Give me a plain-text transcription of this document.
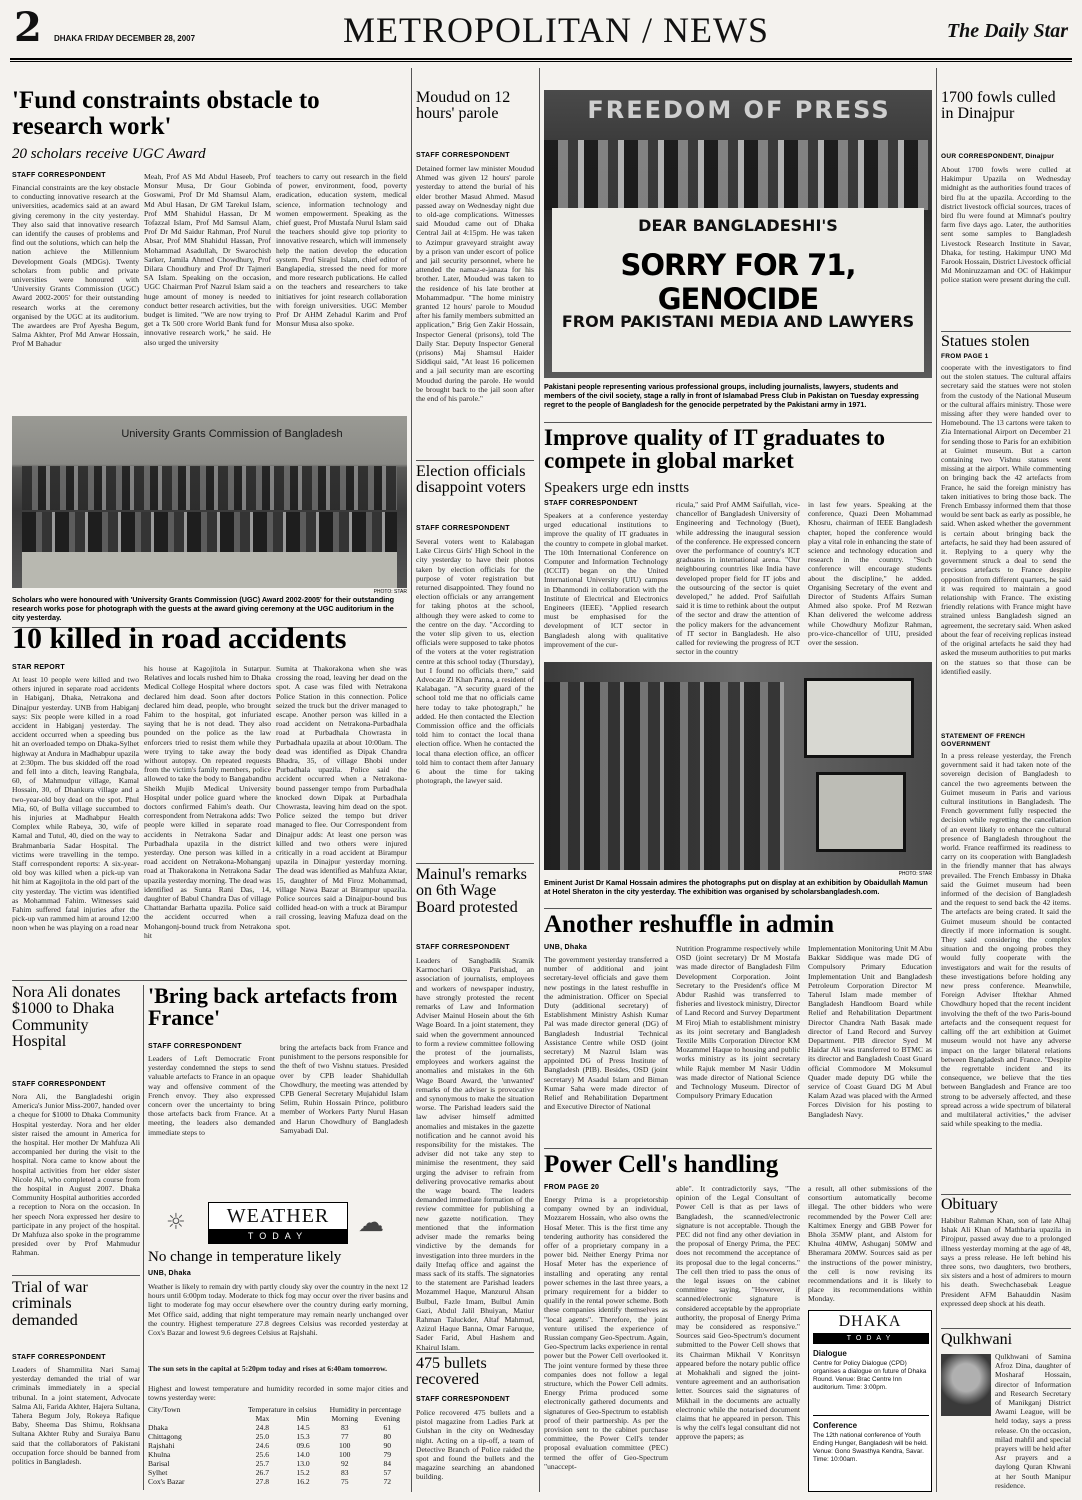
2 DHAKA FRIDAY DECEMBER 28, 2007	METROPOLITAN / NEWS	The Daily Star
'Fund constraints obstacle to research work'
20 scholars receive UGC Award
STAFF CORRESPONDENT
Financial constraints are the key obstacle to conducting innovative research at the universities, academics said at an award giving ceremony in the city yesterday. They also said that innovative research can identify the causes of problems and find out the solutions, which can help the nation achieve the Millennium Development Goals (MDGs). Twenty scholars from public and private universities were honoured with 'University Grants Commission (UGC) Award 2002-2005' for their outstanding research works at the ceremony organised by the UGC at its auditorium. The awardees are Prof Ayesha Begum, Salma Akhter, Prof Md Anwar Hossain, Prof M Bahadur
Meah, Prof AS Md Abdul Haseeb, Prof Monsur Musa, Dr Gour Gobinda Goswami, Prof Dr Md Shamsul Alam, Md Abul Hasan, Dr GM Tarekul Islam, Prof MM Shahidul Hassan, Dr M Tofazzal Islam, Prof Md Samsul Alam, Prof Dr Md Saidur Rahman, Prof Nurul Absar, Prof MM Shahidul Hassan, Prof Mohammad Asadullah, Dr Swarochish Sarker, Jamila Ahmed Chowdhury, Prof Dilara Choudhury and Prof Dr Tajmeri SA Islam. Speaking on the occasion, UGC Chairman Prof Nazrul Islam said a huge amount of money is needed to conduct better research activities, but the budget is limited. "We are now trying to get a Tk 500 crore World Bank fund for innovative research work," he said. He also urged the university
teachers to carry out research in the field of power, environment, food, poverty eradication, education system, medical science, information technology and women empowerment. Speaking as the chief guest, Prof Mustafa Nurul Islam said the teachers should give top priority to innovative research, which will immensely help the nation develop the education system. Prof Sirajul Islam, chief editor of Banglapedia, stressed the need for more and more research publications. He called on the teachers and researchers to take initiatives for joint research collaboration with foreign universities. UGC Member Prof Dr AHM Zehadul Karim and Prof Monsur Musa also spoke.
University Grants Commission of Bangladesh
PHOTO: STAR
Scholars who were honoured with 'University Grants Commission (UGC) Award 2002-2005' for their outstanding research works pose for photograph with the guests at the award giving ceremony at the UGC auditorium in the city yesterday.
10 killed in road accidents
STAR REPORT
At least 10 people were killed and two others injured in separate road accidents in Habiganj, Dhaka, Netrakona and Dinajpur yesterday. UNB from Habiganj says: Six people were killed in a road accident in Habiganj yesterday. The accident occurred when a speeding bus hit an overloaded tempo on Dhaka-Sylhet highway at Andura in Madhabpur upazila at 2:30pm. The bus skidded off the road and fell into a ditch, leaving Rangbala, 60, of Mahmudpur village, Kamal Hossain, 30, of Dhankura village and a two-year-old boy dead on the spot. Phul Mia, 60, of Bulla village succumbed to his injuries at Madhabpur Health Complex while Rabeya, 30, wife of Kamal and Tutul, 40, died on the way to Brahmanbaria Sadar Hospital. The victims were travelling in the tempo. Staff correspondent reports: A six-year-old boy was killed when a pick-up van hit him at Kagojitola in the old part of the city yesterday. The victim was identified as Mohammad Fahim. Witnesses said Fahim suffered fatal injuries after the pick-up van rammed him at around 12:00 noon when he was playing on a road near
his house at Kagojitola in Sutarpur. Relatives and locals rushed him to Dhaka Medical College Hospital where doctors declared him dead. Soon after doctors declared him dead, people, who brought Fahim to the hospital, got infuriated saying that he is not dead. They also pounded on the police as the law enforcers tried to resist them while they were trying to take away the body without autopsy. On repeated requests from the victim's family members, police allowed to take the body to Bangabandhu Sheikh Mujib Medical University Hospital under police guard where the doctors confirmed Fahim's death. Our correspondent from Netrakona adds: Two people were killed in separate road accidents in Netrakona Sadar and Purbadhala upazila in the district yesterday. One person was killed in a road accident on Netrakona-Mohanganj road at Thakorakona in Netrakona Sadar upazila yesterday morning. The dead was identified as Sunta Rani Das, 14, daughter of Babul Chandra Das of village Chattandar Barhatta upazila. Police said the accident occurred when a Mohangonj-bound truck from Netrakona hit
Sumita at Thakorakona when she was crossing the road, leaving her dead on the spot. A case was filed with Netrakona Police Station in this connection. Police seized the truck but the driver managed to escape. Another person was killed in a road accident on Netrakona-Purbadhala road at Purbadhala Chowrasta in Purbadhala upazila at about 10:00am. The dead was identified as Dipak Chandra Bhadra, 35, of village Bhobi under Purbadhala upazila. Police said the accident occurred when a Netrakona-bound passenger tempo from Purbadhala knocked down Dipak at Purbadhala Chowrasta, leaving him dead on the spot. Police seized the tempo but driver managed to flee. Our Correspondent from Dinajpur adds: At least one person was killed and two others were injured critically in a road accident at Birampur upazila in Dinajpur yesterday morning. The dead was identified as Mahfuza Aktar, 15, daughter of Md Firoz Mohammad, village Nawa Bazar at Birampur upazila. Police sources said a Dinajpur-bound bus collided head-on with a truck at Birampur rail crossing, leaving Mafuza dead on the spot.
Nora Ali donates $1000 to Dhaka Community Hospital
STAFF CORRESPONDENT
Nora Ali, the Bangladeshi origin America's Junior Miss-2007, handed over a cheque for $1000 to Dhaka Community Hospital yesterday. Nora and her elder sister raised the amount in America for the hospital. Her mother Dr Mahfuza Ali accompanied her during the visit to the hospital. Nora came to know about the hospital activities from her elder sister Nicole Ali, who completed a course from the hospital in August 2007. Dhaka Community Hospital authorities accorded a reception to Nora on the occasion. In her speech Nora expressed her desire to participate in any project of the hospital. Dr Mahfuza also spoke in the programme presided over by Prof Mahmudur Rahman.
Trial of war criminals demanded
STAFF CORRESPONDENT
Leaders of Shammilita Nari Samaj yesterday demanded the trial of war criminals immediately in a special tribunal. In a joint statement, Advocate Salma Ali, Farida Akhter, Hajera Sultana, Tahera Begum Joly, Rokeya Rafique Baby, Sheema Das Shimu, Rokhsana Sultana Akhter Ruby and Suraiya Banu said that the collaborators of Pakistani occupation force should be banned from politics in Bangladesh.
'Bring back artefacts from France'
STAFF CORRESPONDENT
Leaders of Left Democratic Front yesterday condemned the steps to send valuable artefacts to France in an opaque way and offensive comment of the French envoy. They also expressed concern over the uncertainty to bring those artefacts back from France. At a meeting, the leaders also demanded immediate steps to
bring the artefacts back from France and punishment to the persons responsible for the theft of two Vishnu statues. Presided over by CPB leader Shahidullah Chowdhury, the meeting was attended by CPB General Secretary Mujahidul Islam Selim, Ruhin Hossain Prince, politburo member of Workers Party Nurul Hasan and Harun Chowdhury of Bangladesh Samyabadi Dal.
WEATHER
TODAY	☁
☼
No change in temperature likely
UNB, Dhaka
Weather is likely to remain dry with partly cloudy sky over the country in the next 12 hours until 6:00pm today. Moderate to thick fog may occur over the river basins and light to moderate fog may occur elsewhere over the country during early morning, Met Office said, adding that night temperature may remain nearly unchanged over the country. Highest temperature 27.8 degrees Celsius was recorded yesterday at Cox's Bazar and lowest 9.6 degrees Celsius at Rajshahi.
The sun sets in the capital at 5:20pm today and rises at 6:40am tomorrow.
Highest and lowest temperature and humidity recorded in some major cities and towns yesterday were:
City/Town	Temperature in celsius		Humidity in percentage	
	Max	Min	Morning	Evening
Dhaka	24.8	14.5	83	61
Chittagong	25.0	15.3	77	80
Rajshahi	24.6	09.6	100	90
Khulna	25.6	14.0	100	79
Barisal	25.7	13.0	92	84
Sylhet	26.7	15.2	83	57
Cox's Bazar	27.8	16.2	75	72
Moudud on 12 hours' parole
STAFF CORRESPONDENT
Detained former law minister Moudud Ahmed was given 12 hours' parole yesterday to attend the burial of his elder brother Masud Ahmed. Masud passed away on Wednesday night due to old-age complications. Witnesses said Moudud came out of Dhaka Central Jail at 4:15pm. He was taken to Azimpur graveyard straight away by a prison van under escort of police and jail security personnel, where he attended the namaz-e-janaza for his brother. Later, Moudud was taken to the residence of his late brother at Mohammadpur. "The home ministry granted 12 hours' parole to Moudud after his family members submitted an application," Brig Gen Zakir Hossain, Inspector General (prisons), told The Daily Star. Deputy Inspector General (prisons) Maj Shamsul Haider Siddiqui said, "At least 16 policemen and a jail security man are escorting Moudud during the parole. He would be brought back to the jail soon after the end of his parole."
Election officials disappoint voters
STAFF CORRESPONDENT
Several voters went to Kalabagan Lake Circus Girls' High School in the city yesterday to have their photos taken by election officials for the purpose of voter registration but returned disappointed. They found no election officials or any arrangement for taking photos at the school, although they were asked to come to the centre on the day. "According to the voter slip given to us, election officials were supposed to take photos of the voters at the voter registration centre at this school today (Thursday), but I found no officials there," said Advocate Zl Khan Panna, a resident of Kalabagan. "A security guard of the school told me that no officials came here today to take photograph," he added. He then contacted the Election Commission office and the officials told him to contact the local thana election office. When he contacted the local thana election office, an officer told him to contact them after January 6 about the time for taking photograph, the lawyer said.
Mainul's remarks on 6th Wage Board protested
STAFF CORRESPONDENT
Leaders of Sangbadik Sramik Karmochari Oikya Parishad, an association of journalists, employees and workers of newspaper industry, have strongly protested the recent remarks of Law and Information Adviser Mainul Hosein about the 6th Wage Board. In a joint statement, they said when the government announced to form a review committee following the protest of the journalists, employees and workers against the anomalies and mistakes in the 6th Wage Board Award, the 'unwanted' remarks of the adviser is provocative and synonymous to make the situation worse. The Parishad leaders said the law adviser himself admitted anomalies and mistakes in the gazette notification and he cannot avoid his responsibility for the mistakes. The adviser did not take any step to minimise the resentment, they said urging the adviser to refrain from delivering provocative remarks about the wage board. The leaders demanded immediate formation of the review committee for publishing a new gazette notification. They mentioned that the information adviser made the remarks being vindictive by the demands for investigation into three murders in the daily Ittefaq office and against the mass sack of its staffs. The signatories to the statement are Parishad leaders Mozammel Haque, Manzurul Ahsan Bulbul, Fazle Imam, Bulbul Amin Gazi, Abdul Jalil Bhuiyan, Matiur Rahman Taluckder, Altaf Mahmud, Azizul Haque Banna, Omar Faruque, Sader Farid, Abul Hashem and Khairul Islam.
475 bullets recovered
STAFF CORRESPONDENT
Police recovered 475 bullets and a pistol magazine from Ladies Park at Gulshan in the city on Wednesday night. Acting on a tip-off, a team of Detective Branch of Police raided the spot and found the bullets and the magazine searching an abandoned building.
FREEDOM OF PRESS
DEAR BANGLADESHI'S
SORRY FOR 71, GENOCIDE
FROM PAKISTANI MEDIA AND LAWYERS
Pakistani people representing various professional groups, including journalists, lawyers, students and members of the civil society, stage a rally in front of Islamabad Press Club in Pakistan on Tuesday expressing regret to the people of Bangladesh for the genocide perpetrated by the Pakistani army in 1971.
Improve quality of IT graduates to compete in global market
Speakers urge edn instts
STAFF CORRESPONDENT
Speakers at a conference yesterday urged educational institutions to improve the quality of IT graduates in the country to compete in global market. The 10th International Conference on Computer and Information Technology (ICCIT) began on the United International University (UIU) campus in Dhanmondi in collaboration with the Institute of Electrical and Electronics Engineers (IEEE). "Applied research must be emphasised for the development of ICT sector in Bangladesh along with qualitative improvement of the cur-
ricula," said Prof AMM Saifullah, vice-chancellor of Bangladesh University of Engineering and Technology (Buet), while addressing the inaugural session of the conference. He expressed concern over the performance of country's ICT graduates in international arena. "Our neighbouring countries like India have developed proper field for IT jobs and the outsourcing of the sector is quiet developed," he added. Prof Saifullah said it is time to rethink about the output of the sector and draw the attention of the policy makers for the advancement of IT sector in Bangladesh. He also called for reviewing the progress of ICT sector in the country
in last few years. Speaking at the conference, Quazi Deen Mohammad Khosru, chairman of IEEE Bangladesh chapter, hoped the conference would play a vital role in enhancing the state of science and technology education and research in the country. "Such conference will encourage students about the discipline," he added. Organising Secretary of the event and Director of Students Affairs Suman Ahmed also spoke. Prof M Rezwan Khan delivered the welcome address while Chowdhury Mofizur Rahman, pro-vice-chancellor of UIU, presided over the session.
PHOTO: STAR
Eminent Jurist Dr Kamal Hossain admires the photographs put on display at an exhibition by Obaidullah Mamun at Hotel Sheraton in the city yesterday. The exhibition was organised by scholarsbangladesh.com.
Another reshuffle in admin
UNB, Dhaka
The government yesterday transferred a number of additional and joint secretary-level officials and gave them new postings in the latest reshuffle in the administration. Officer on Special Duty (additional secretary) of Establishment Ministry Ashish Kumar Pal was made director general (DG) of Bangladesh Industrial Technical Assistance Centre while OSD (joint secretary) M Nazrul Islam was appointed DG of Press Institute of Bangladesh (PIB). Besides, OSD (joint secretary) M Asadul Islam and Biman Kumar Saha were made director of Relief and Rehabilitation Department and Executive Director of National
Nutrition Programme respectively while OSD (joint secretary) Dr M Mostafa was made director of Bangladesh Film Development Corporation. Joint Secretary to the President's office M Abdur Rashid was transferred to fisheries and livestock ministry, Director of Land Record and Survey Department M Firoj Miah to establishment ministry as its joint secretary and Bangladesh Textile Mills Corporation Director KM Mozammel Haque to housing and public works ministry as its joint secretary while Rajuk member M Nasir Uddin was made director of National Science and Technology Museum. Director of Compulsory Primary Education
Implementation Monitoring Unit M Abu Bakkar Siddique was made DG of Compulsory Primary Education Implementation Unit and Bangladesh Petroleum Corporation Director M Taherul Islam made member of Bangladesh Handloom Board while Relief and Rehabilitation Department Director Chandra Nath Basak made director of Land Record and Survey Department. PIB director Syed M Haidar Ali was transferred to BTMC as its director and Bangladesh Coast Guard official Commodore M Moksumul Quader made deputy DG while the service of Coast Guard DG M Abul Kalam Azad was placed with the Armed Forces Division for his posting to Bangladesh Navy.
Power Cell's handling
FROM PAGE 20
Energy Prima is a proprietorship company owned by an individual, Mozzarem Hossain, who also owns the Hosaf Meter. This is the first time any tendering authority has considered the offer of a proprietary company in a power bid. Neither Energy Prima nor Hosaf Meter has the experience of installing and operating any rental power schemes in the last three years, a primary requirement for a bidder to qualify in the rental power scheme. Both these companies identify themselves as "local agents". Therefore, the joint venture utilised the experience of Russian company Geo-Spectrum. Again, Geo-Spectrum lacks experience in rental power but the Power Cell overlooked it. The joint venture formed by these three companies does not follow a legal structure, which the Power Cell admits. Energy Prima produced some electronically gathered documents and signatures of Geo-Spectrum to establish proof of their partnership. As per the provision sent to the cabinet purchase committee, the Power Cell's tender proposal evaluation committee (PEC) termed the offer of Geo-Spectrum "unaccept-
able". It contradictorily says, "The opinion of the Legal Consultant of Power Cell is that as per laws of Bangladesh, the scanned/electronic signature is not acceptable. Though the PEC did not find any other deviation in the proposal of Energy Prima, the PEC does not recommend the acceptance of its proposal due to the legal concerns." The cell then tried to pass the onus of the legal issues on the cabinet committee saying, "However, if scanned/electronic signature is considered acceptable by the appropriate authority, the proposal of Energy Prima may be considered as responsive." Sources said Geo-Spectrum's document submitted to the Power Cell shows that its Chairman Mikhail V Konritsyn appeared before the notary public office at Mohakhali and signed the joint-venture agreement and an authorisation letter. Sources said the signatures of Mikhail in the documents are actually electronic while the notarised document claims that he appeared in person. This is why the cell's legal consultant did not approve the papers; as
a result, all other submissions of the consortium automatically become illegal. The other bidders who were recommended by the Power Cell are: Kaltimex Energy and GBB Power for Bhola 35MW plant, and Alstom for Khulna 40MW, Ashuganj 50MW and Bheramara 20MW. Sources said as per the instructions of the power ministry, the cell is now revising its recommendations and it is likely to place its recommendations within Monday.
DHAKA
TODAY
Dialogue
Centre for Policy Dialogue (CPD) organises a dialogue on future of Dhaka Round. Venue: Brac Centre Inn auditorium. Time: 3:00pm.
Conference
The 12th national conference of Youth Ending Hunger, Bangladesh will be held. Venue: Gono Swasthya Kendra, Savar. Time: 10:00am.
1700 fowls culled in Dinajpur
OUR CORRESPONDENT, Dinajpur
About 1700 fowls were culled at Hakimpur Upazila on Wednesday midnight as the authorities found traces of bird flu at the upazila. According to the district livestock official sources, traces of bird flu were found at Mimnat's poultry farm five days ago. Later, the authorities sent some samples to Bangladesh Livestock Research Institute in Savar, Dhaka, for testing. Hakimpur UNO Md Farook Hossain, District Livestock official Md Moniruzzaman and OC of Hakimpur police station were present during the cull.
Statues stolen
FROM PAGE 1
cooperate with the investigators to find out the stolen statues. The cultural affairs secretary said the statues were not stolen from the custody of the National Museum or the cultural affairs ministry. Those were missing after they were handed over to Homebound. The 13 cartons were taken to Zia International Airport on December 21 for sending those to Paris for an exhibition at Guimet museum. But a carton containing two Vishnu statues went missing at the airport. While commenting on bringing back the 42 artefacts from France, he said the foreign ministry has taken initiatives to bring those back. The French Embassy informed them that those would be sent back as early as possible, he said. When asked whether the government is certain about bringing back the artefacts, he said they had been assured of it. Replying to a query why the government struck a deal to send the precious artefacts to France despite opposition from different quarters, he said it was required to maintain a good relationship with France. The existing friendly relations with France might have strained unless Bangladesh signed an agreement, the secretary said. When asked about the fear of receiving replicas instead of the original artefacts he said they had asked the museum authorities to put marks on the statues so that those can be identified easily.
STATEMENT OF FRENCH GOVERNMENT
In a press release yesterday, the French government said it had taken note of the sovereign decision of Bangladesh to cancel the two agreements between the Guimet museum in Paris and various cultural institutions in Bangladesh. The French government fully respected the decision while regretting the cancellation of an event likely to enhance the cultural presence of Bangladesh throughout the world. France reaffirmed its readiness to carry on its cooperation with Bangladesh in the friendly manner that has always prevailed. The French Embassy in Dhaka said the Guimet museum had been informed of the decision of Bangladesh and the request to send back the 42 items. The artefacts are being crated. It said the Guimet museum should be contacted directly if more information is sought. They said considering the complex situation and the ongoing probes they would fully cooperate with the investigators and wait for the results of these investigations before holding any new press conference. Meanwhile, Foreign Adviser Iftekhar Ahmed Chowdhury hoped that the recent incident involving the theft of the two Paris-bound artefacts and the consequent request for calling off the art exhibition at Guimet museum would not have any adverse impact on the larger bilateral relations between Bangladesh and France. "Despite the regrettable incident and its consequence, we believe that the ties between Bangladesh and France are too strong to be adversely affected, and these spread across a wide spectrum of bilateral and multilateral activities," the adviser said while speaking to the media.
Obituary
Habibur Rahman Khan, son of late Alhaj Ishak Ali Khan of Mathbaria upazila in Pirojpur, passed away due to a prolonged illness yesterday morning at the age of 48, says a press release. He left behind his three sons, two daughters, two brothers, six sisters and a host of admirers to mourn his death. Swechchasebak League President AFM Bahauddin Nasim expressed deep shock at his death.
Qulkhwani
Qulkhwani of Samina Afroz Dina, daughter of Mosharaf Hossain, director of Information and Research Secretary of Manikganj District Awami League, will be held today, says a press release. On the occasion, milad mahfil and special prayers will be held after Asr prayers and a daylong Quran Khwani at her South Manipur residence.
